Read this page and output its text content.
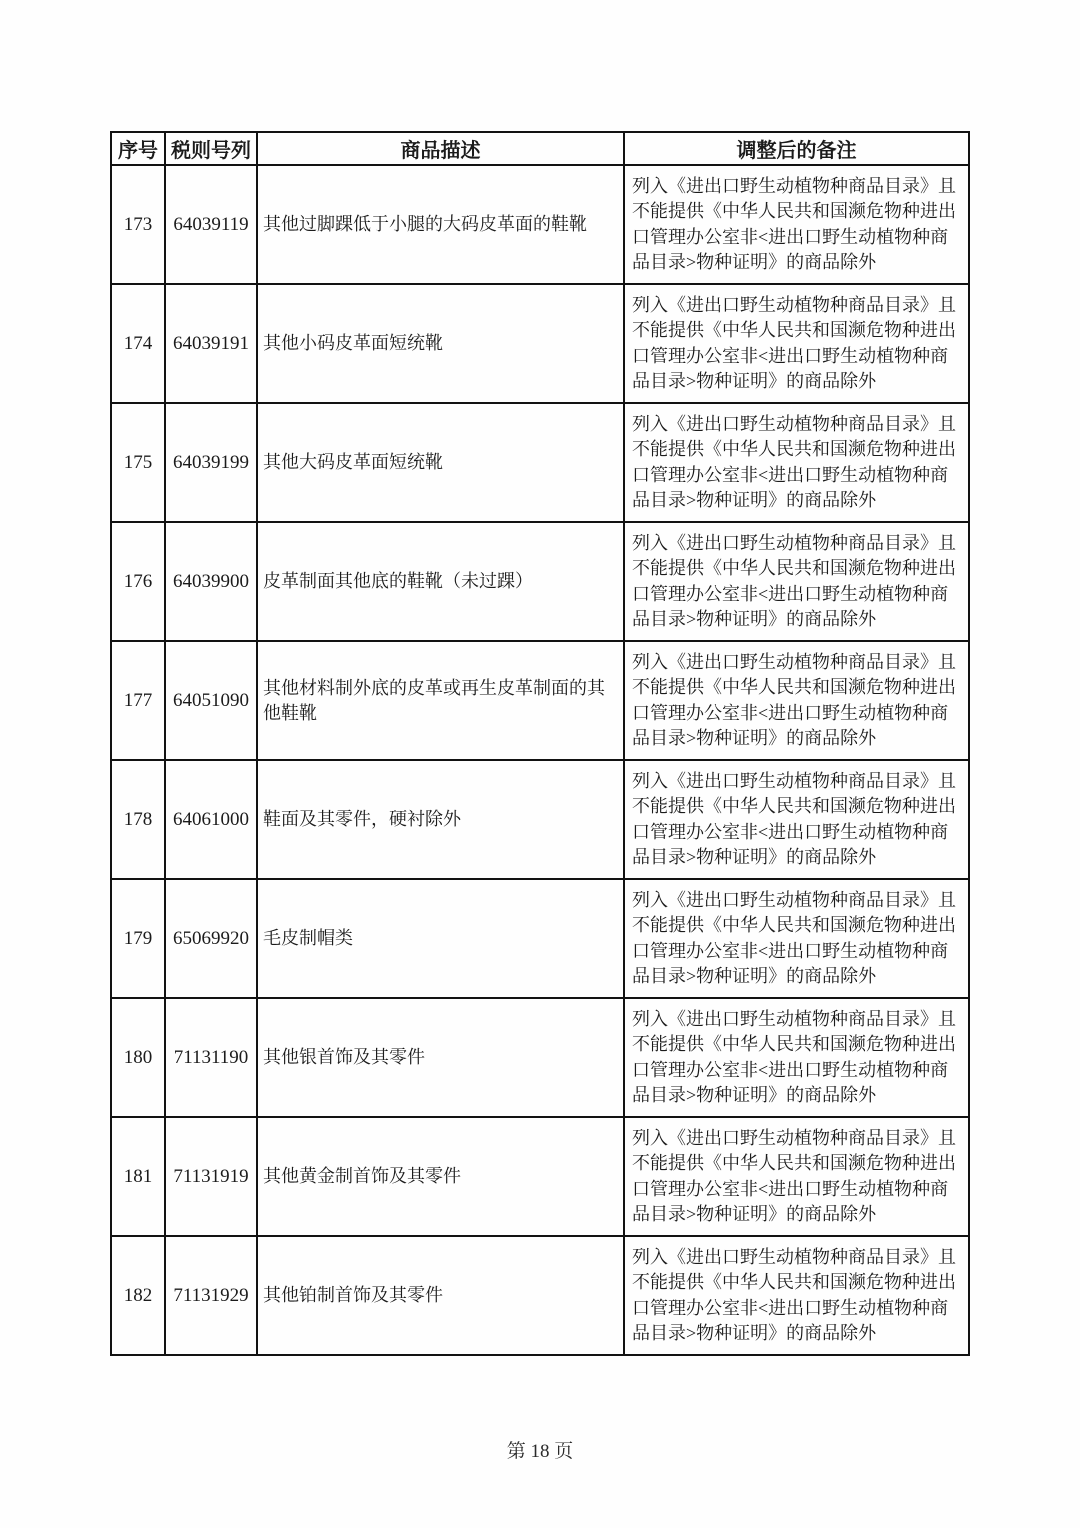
序号	税则号列	商品描述	调整后的备注
173	64039119	其他过脚踝低于小腿的大码皮革面的鞋靴	列入《进出口野生动植物种商品目录》且不能提供《中华人民共和国濒危物种进出口管理办公室非<进出口野生动植物种商品目录>物种证明》的商品除外
174	64039191	其他小码皮革面短统靴	列入《进出口野生动植物种商品目录》且不能提供《中华人民共和国濒危物种进出口管理办公室非<进出口野生动植物种商品目录>物种证明》的商品除外
175	64039199	其他大码皮革面短统靴	列入《进出口野生动植物种商品目录》且不能提供《中华人民共和国濒危物种进出口管理办公室非<进出口野生动植物种商品目录>物种证明》的商品除外
176	64039900	皮革制面其他底的鞋靴（未过踝）	列入《进出口野生动植物种商品目录》且不能提供《中华人民共和国濒危物种进出口管理办公室非<进出口野生动植物种商品目录>物种证明》的商品除外
177	64051090	其他材料制外底的皮革或再生皮革制面的其他鞋靴	列入《进出口野生动植物种商品目录》且不能提供《中华人民共和国濒危物种进出口管理办公室非<进出口野生动植物种商品目录>物种证明》的商品除外
178	64061000	鞋面及其零件，硬衬除外	列入《进出口野生动植物种商品目录》且不能提供《中华人民共和国濒危物种进出口管理办公室非<进出口野生动植物种商品目录>物种证明》的商品除外
179	65069920	毛皮制帽类	列入《进出口野生动植物种商品目录》且不能提供《中华人民共和国濒危物种进出口管理办公室非<进出口野生动植物种商品目录>物种证明》的商品除外
180	71131190	其他银首饰及其零件	列入《进出口野生动植物种商品目录》且不能提供《中华人民共和国濒危物种进出口管理办公室非<进出口野生动植物种商品目录>物种证明》的商品除外
181	71131919	其他黄金制首饰及其零件	列入《进出口野生动植物种商品目录》且不能提供《中华人民共和国濒危物种进出口管理办公室非<进出口野生动植物种商品目录>物种证明》的商品除外
182	71131929	其他铂制首饰及其零件	列入《进出口野生动植物种商品目录》且不能提供《中华人民共和国濒危物种进出口管理办公室非<进出口野生动植物种商品目录>物种证明》的商品除外
第 18 页
